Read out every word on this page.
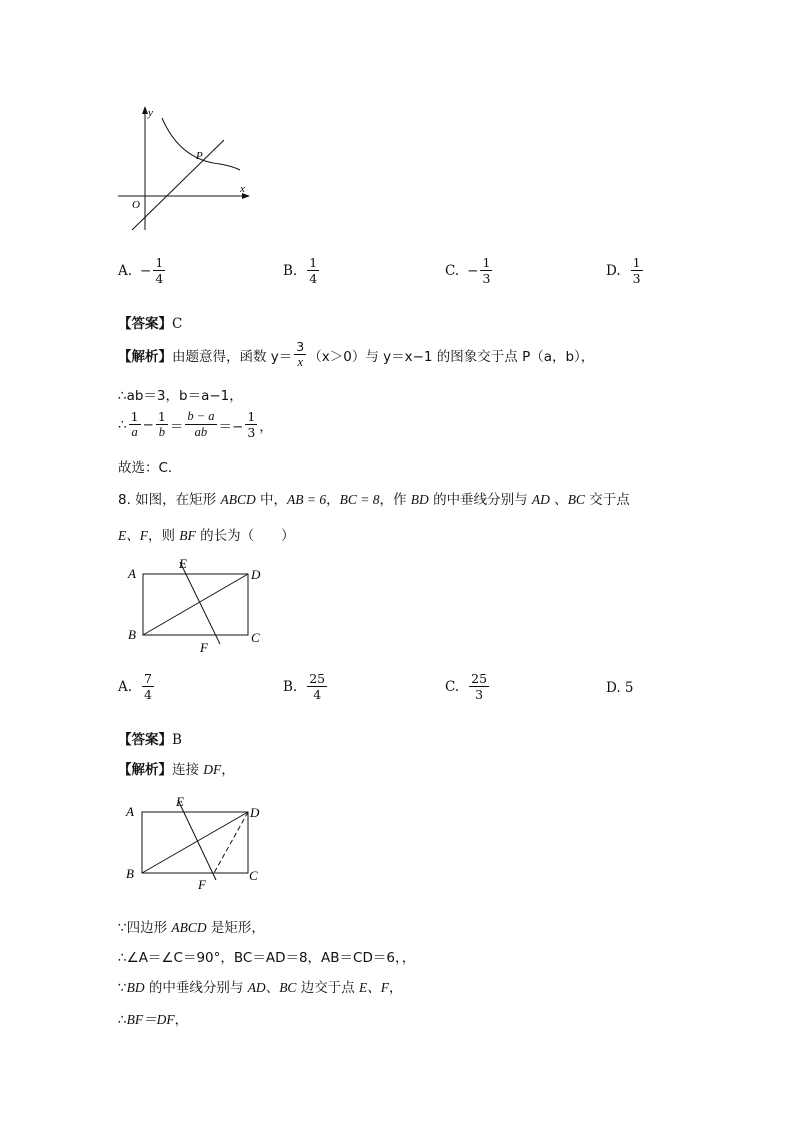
y
x
O
P
A. − $\frac{1}{4}$	B. $\frac{1}{4}$	C. − $\frac{1}{3}$	D. $\frac{1}{3}$
【答案】C
【解析】 由题意得，函数 $y= \frac{3}{x} (x>0)$与 y＝x−1 的图象交于点 P（a，b），
∴ab＝3，b＝a−1，
∴ $\frac{1}{a} - \frac{1}{b} = \frac{b - a}{ab} =- \frac{1}{3}$ ，
故选：C．
8. 如图，在矩形 ABCD 中，AB = 6，BC = 8，作 BD 的中垂线分别与 AD 、BC 交于点
E、F，则 BF 的长为（　　）
A
B	C
D
E
F
A. $\frac{7}{4}$	B. $\frac{25}{4}$	C. $\frac{25}{3}$	D. 5
【答案】B
【解析】连接 DF，
A
B	C
D
E
F
∵四边形 ABCD 是矩形，
∴∠A＝∠C＝90°，BC＝AD＝8，AB＝CD＝6，，
∵BD 的中垂线分别与 AD、BC 边交于点 E、F，
∴BF＝DF，
